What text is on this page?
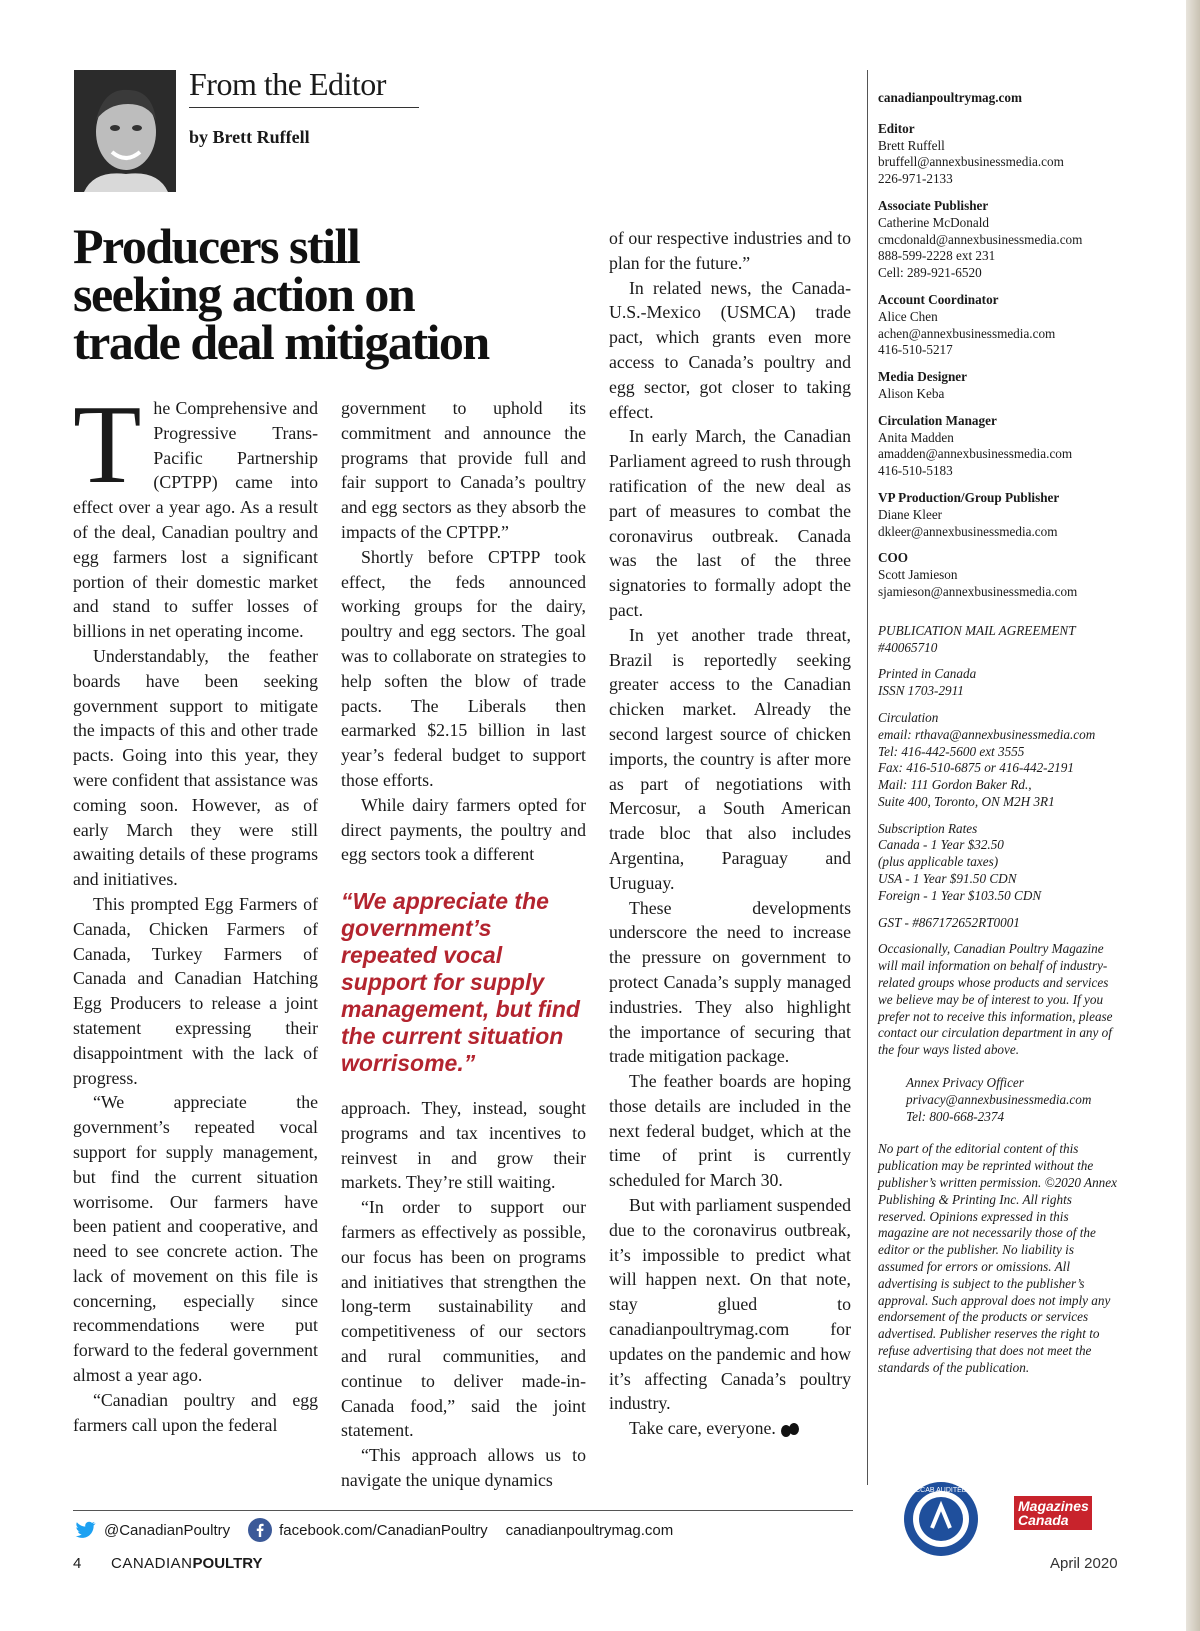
From the Editor
by Brett Ruffell
Producers still
seeking action on
trade deal mitigation

The Comprehensive and Progressive Trans-Pacific Partnership (CPTPP) came into effect over a year ago. As a result of the deal, Canadian poultry and egg farmers lost a significant portion of their domestic market and stand to suffer losses of billions in net operating income.

Understandably, the feather boards have been seeking government support to mitigate the impacts of this and other trade pacts. Going into this year, they were confident that assistance was coming soon. However, as of early March they were still awaiting details of these programs and initiatives.

This prompted Egg Farmers of Canada, Chicken Farmers of Canada, Turkey Farmers of Canada and Canadian Hatching Egg Producers to release a joint statement expressing their disappointment with the lack of progress.

“We appreciate the government’s repeated vocal support for supply management, but find the current situation worrisome. Our farmers have been patient and cooperative, and need to see concrete action. The lack of movement on this file is concerning, especially since recommendations were put forward to the federal government almost a year ago.

“Canadian poultry and egg farmers call upon the federal

government to uphold its commitment and announce the programs that provide full and fair support to Canada’s poultry and egg sectors as they absorb the impacts of the CPTPP.”

Shortly before CPTPP took effect, the feds announced working groups for the dairy, poultry and egg sectors. The goal was to collaborate on strategies to help soften the blow of trade pacts. The Liberals then earmarked $2.15 billion in last year’s federal budget to support those efforts.

While dairy farmers opted for direct payments, the poultry and egg sectors took a different

“We appreciate the government’s repeated vocal support for supply management, but find the current situation worrisome.”

approach. They, instead, sought programs and tax incentives to reinvest in and grow their markets. They’re still waiting.

“In order to support our farmers as effectively as possible, our focus has been on programs and initiatives that strengthen the long-term sustainability and competitiveness of our sectors and rural communities, and continue to deliver made-in-Canada food,” said the joint statement.

“This approach allows us to navigate the unique dynamics

of our respective industries and to plan for the future.”

In related news, the Canada-U.S.-Mexico (USMCA) trade pact, which grants even more access to Canada’s poultry and egg sector, got closer to taking effect.

In early March, the Canadian Parliament agreed to rush through ratification of the new deal as part of measures to combat the coronavirus outbreak. Canada was the last of the three signatories to formally adopt the pact.

In yet another trade threat, Brazil is reportedly seeking greater access to the Canadian chicken market. Already the second largest source of chicken imports, the country is after more as part of negotiations with Mercosur, a South American trade bloc that also includes Argentina, Paraguay and Uruguay.

These developments underscore the need to increase the pressure on government to protect Canada’s supply managed industries. They also highlight the importance of securing that trade mitigation package.

The feather boards are hoping those details are included in the next federal budget, which at the time of print is currently scheduled for March 30.

But with parliament suspended due to the coronavirus outbreak, it’s impossible to predict what will happen next. On that note, stay glued to canadianpoultrymag.com for updates on the pandemic and how it’s affecting Canada’s poultry industry.

Take care, everyone.

canadianpoultrymag.com
Editor
Brett Ruffell
bruffell@annexbusinessmedia.com
226-971-2133
Associate Publisher
Catherine McDonald
cmcdonald@annexbusinessmedia.com
888-599-2228 ext 231
Cell: 289-921-6520
Account Coordinator
Alice Chen
achen@annexbusinessmedia.com
416-510-5217
Media Designer
Alison Keba
Circulation Manager
Anita Madden
amadden@annexbusinessmedia.com
416-510-5183
VP Production/Group Publisher
Diane Kleer
dkleer@annexbusinessmedia.com
COO
Scott Jamieson
sjamieson@annexbusinessmedia.com
PUBLICATION MAIL AGREEMENT
#40065710
Printed in Canada
ISSN 1703-2911
Circulation
email: rthava@annexbusinessmedia.com
Tel: 416-442-5600 ext 3555
Fax: 416-510-6875 or 416-442-2191
Mail: 111 Gordon Baker Rd.,
Suite 400, Toronto, ON M2H 3R1
Subscription Rates
Canada - 1 Year $32.50
(plus applicable taxes)
USA - 1 Year $91.50 CDN
Foreign - 1 Year $103.50 CDN
GST - #867172652RT0001
Occasionally, Canadian Poultry Magazine will mail information on behalf of industry-related groups whose products and services we believe may be of interest to you. If you prefer not to receive this information, please contact our circulation department in any of the four ways listed above.
Annex Privacy Officer
privacy@annexbusinessmedia.com
Tel: 800-668-2374
No part of the editorial content of this publication may be reprinted without the publisher’s written permission. ©2020 Annex Publishing & Printing Inc. All rights reserved. Opinions expressed in this magazine are not necessarily those of the editor or the publisher. No liability is assumed for errors or omissions. All advertising is subject to the publisher’s approval. Such approval does not imply any endorsement of the products or services advertised. Publisher reserves the right to refuse advertising that does not meet the standards of the publication.
CCAB AUDITED
Magazines
Canada
@CanadianPoultry	facebook.com/CanadianPoultry canadianpoultrymag.com
4	CANADIAN POULTRY	April 2020
